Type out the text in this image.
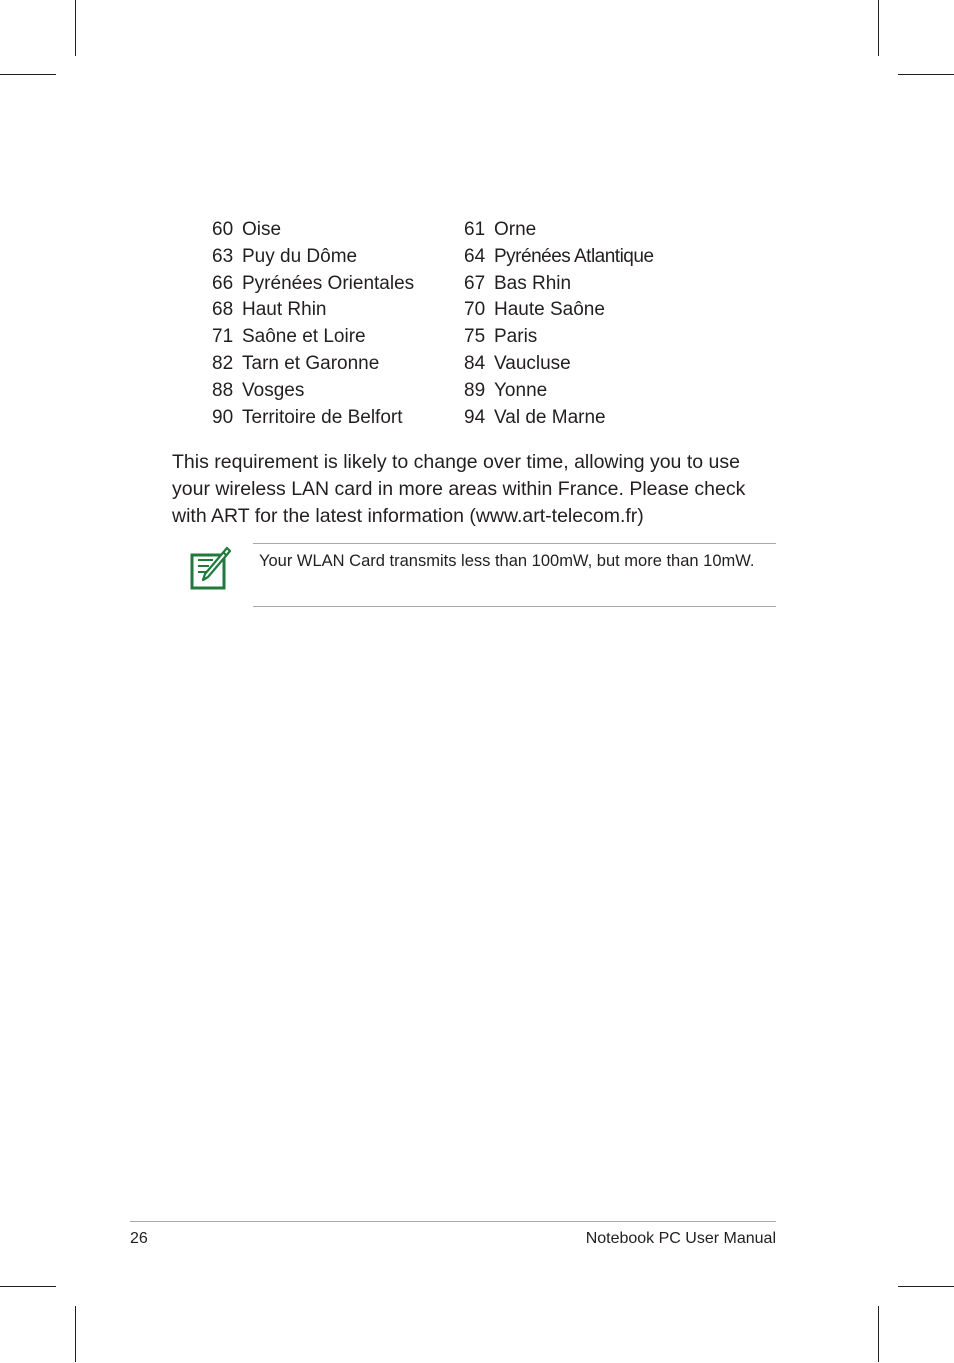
60 Oise	61 Orne
63 Puy du Dôme	64 Pyrénées Atlantique
66 Pyrénées Orientales	67 Bas Rhin
68 Haut Rhin	70 Haute Saône
71 Saône et Loire	75 Paris
82 Tarn et Garonne	84 Vaucluse
88 Vosges	89 Yonne
90 Territoire de Belfort	94 Val de Marne

This requirement is likely to change over time, allowing you to use your wireless LAN card in more areas within France. Please check with ART for the latest information (www.art-telecom.fr)

Your WLAN Card transmits less than 100mW, but more than 10mW.

26	Notebook PC User Manual
